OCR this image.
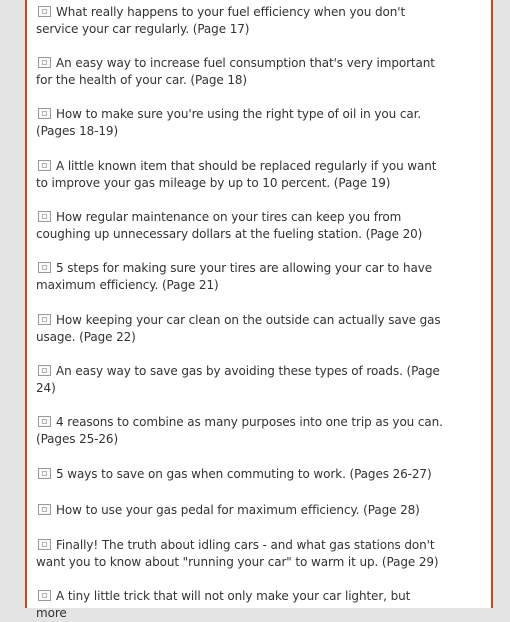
What really happens to your fuel efficiency when you don't service your car regularly. (Page 17)
An easy way to increase fuel consumption that's very important for the health of your car. (Page 18)
How to make sure you're using the right type of oil in you car. (Pages 18-19)
A little known item that should be replaced regularly if you want to improve your gas mileage by up to 10 percent. (Page 19)
How regular maintenance on your tires can keep you from coughing up unnecessary dollars at the fueling station. (Page 20)
5 steps for making sure your tires are allowing your car to have maximum efficiency. (Page 21)
How keeping your car clean on the outside can actually save gas usage. (Page 22)
An easy way to save gas by avoiding these types of roads. (Page 24)
4 reasons to combine as many purposes into one trip as you can. (Pages 25-26)
5 ways to save on gas when commuting to work. (Pages 26-27)
How to use your gas pedal for maximum efficiency. (Page 28)
Finally! The truth about idling cars - and what gas stations don't want you to know about "running your car" to warm it up. (Page 29)
A tiny little trick that will not only make your car lighter, but more
